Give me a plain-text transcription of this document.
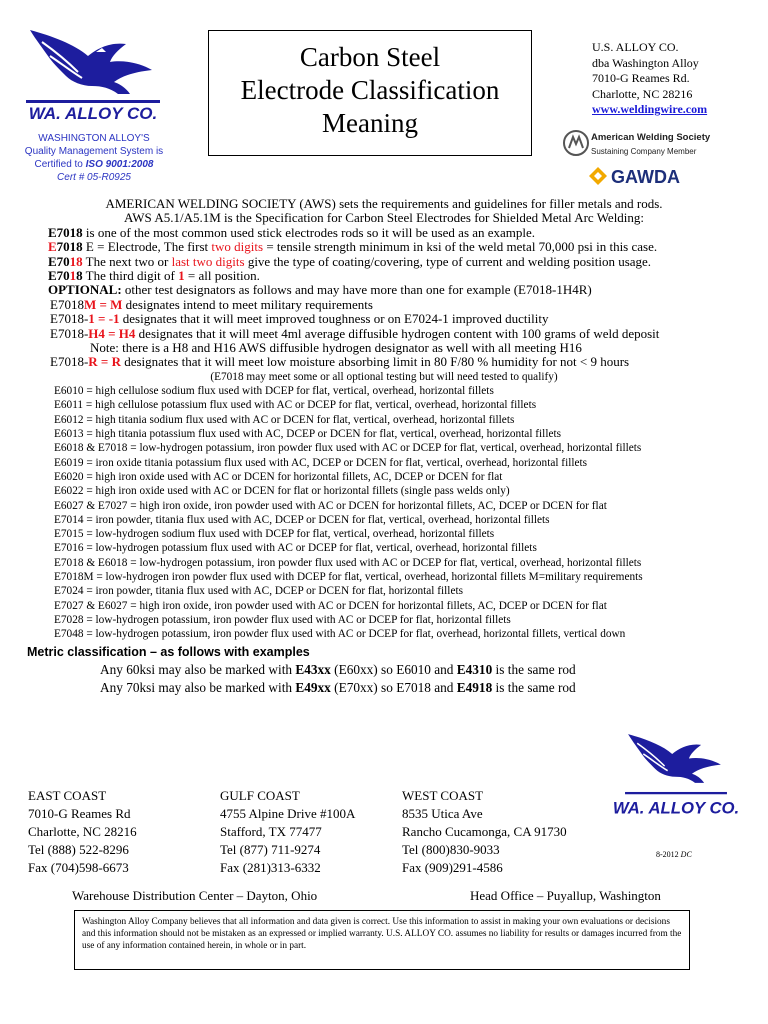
WA. ALLOY CO.
WASHINGTON ALLOY'S
Quality Management System is
Certified to ISO 9001:2008
Cert # 05-R0925
Carbon Steel
Electrode Classification
Meaning
U.S. ALLOY CO.
dba Washington Alloy
7010-G Reames Rd.
Charlotte, NC 28216
www.weldingwire.com
American Welding Society
Sustaining Company Member
GAWDA
AMERICAN WELDING SOCIETY (AWS) sets the requirements and guidelines for filler metals and rods.
AWS A5.1/A5.1M is the Specification for Carbon Steel Electrodes for Shielded Metal Arc Welding:
E7018 is one of the most common used stick electrodes rods so it will be used as an example.
E7018 E = Electrode, The first two digits = tensile strength minimum in ksi of the weld metal 70,000 psi in this case.
E7018 The next two or last two digits give the type of coating/covering, type of current and welding position usage.
E7018 The third digit of 1 = all position.
OPTIONAL: other test designators as follows and may have more than one for example (E7018-1H4R)
E7018M = M designates intend to meet military requirements
E7018-1 = -1 designates that it will meet improved toughness or on E7024-1 improved ductility
E7018-H4 = H4 designates that it will meet 4ml average diffusible hydrogen content with 100 grams of weld deposit
Note: there is a H8 and H16 AWS diffusible hydrogen designator as well with all meeting H16
E7018-R = R designates that it will meet low moisture absorbing limit in 80 F/80 % humidity for not < 9 hours
(E7018 may meet some or all optional testing but will need tested to qualify)
E6010 = high cellulose sodium flux used with DCEP for flat, vertical, overhead, horizontal fillets
E6011 = high cellulose potassium flux used with AC or DCEP for flat, vertical, overhead, horizontal fillets
E6012 = high titania sodium flux used with AC or DCEN for flat, vertical, overhead, horizontal fillets
E6013 = high titania potassium flux used with AC, DCEP or DCEN for flat, vertical, overhead, horizontal fillets
E6018 & E7018 = low-hydrogen potassium, iron powder flux used with AC or DCEP for flat, vertical, overhead, horizontal fillets
E6019 = iron oxide titania potassium flux used with AC, DCEP or DCEN for flat, vertical, overhead, horizontal fillets
E6020 = high iron oxide used with AC or DCEN for horizontal fillets, AC, DCEP or DCEN for flat
E6022 = high iron oxide used with AC or DCEN for flat or horizontal fillets (single pass welds only)
E6027 & E7027 = high iron oxide, iron powder used with AC or DCEN for horizontal fillets, AC, DCEP or DCEN for flat
E7014 = iron powder, titania flux used with AC, DCEP or DCEN for flat, vertical, overhead, horizontal fillets
E7015 = low-hydrogen sodium flux used with DCEP for flat, vertical, overhead, horizontal fillets
E7016 = low-hydrogen potassium flux used with AC or DCEP for flat, vertical, overhead, horizontal fillets
E7018 & E6018 = low-hydrogen potassium, iron powder flux used with AC or DCEP for flat, vertical, overhead, horizontal fillets
E7018M = low-hydrogen iron powder flux used with DCEP for flat, vertical, overhead, horizontal fillets M=military requirements
E7024 = iron powder, titania flux used with AC, DCEP or DCEN for flat, horizontal fillets
E7027 & E6027 = high iron oxide, iron powder used with AC or DCEN for horizontal fillets, AC, DCEP or DCEN for flat
E7028 = low-hydrogen potassium, iron powder flux used with AC or DCEP for flat, horizontal fillets
E7048 = low-hydrogen potassium, iron powder flux used with AC or DCEP for flat, overhead, horizontal fillets, vertical down
Metric classification – as follows with examples
Any 60ksi may also be marked with E43xx (E60xx) so E6010 and E4310 is the same rod
Any 70ksi may also be marked with E49xx (E70xx) so E7018 and E4918 is the same rod
EAST COAST
7010-G Reames Rd
Charlotte, NC 28216
Tel (888) 522-8296
Fax (704)598-6673
GULF COAST
4755 Alpine Drive #100A
Stafford, TX 77477
Tel (877) 711-9274
Fax (281)313-6332
WEST COAST
8535 Utica Ave
Rancho Cucamonga, CA 91730
Tel (800)830-9033
Fax (909)291-4586
WA. ALLOY CO.
8-2012 DC
Warehouse Distribution Center – Dayton, Ohio	Head Office – Puyallup, Washington
Washington Alloy Company believes that all information and data given is correct. Use this information to assist in making your own evaluations or decisions and this information should not be mistaken as an expressed or implied warranty. U.S. ALLOY CO. assumes no liability for results or damages incurred from the use of any information contained herein, in whole or in part.
